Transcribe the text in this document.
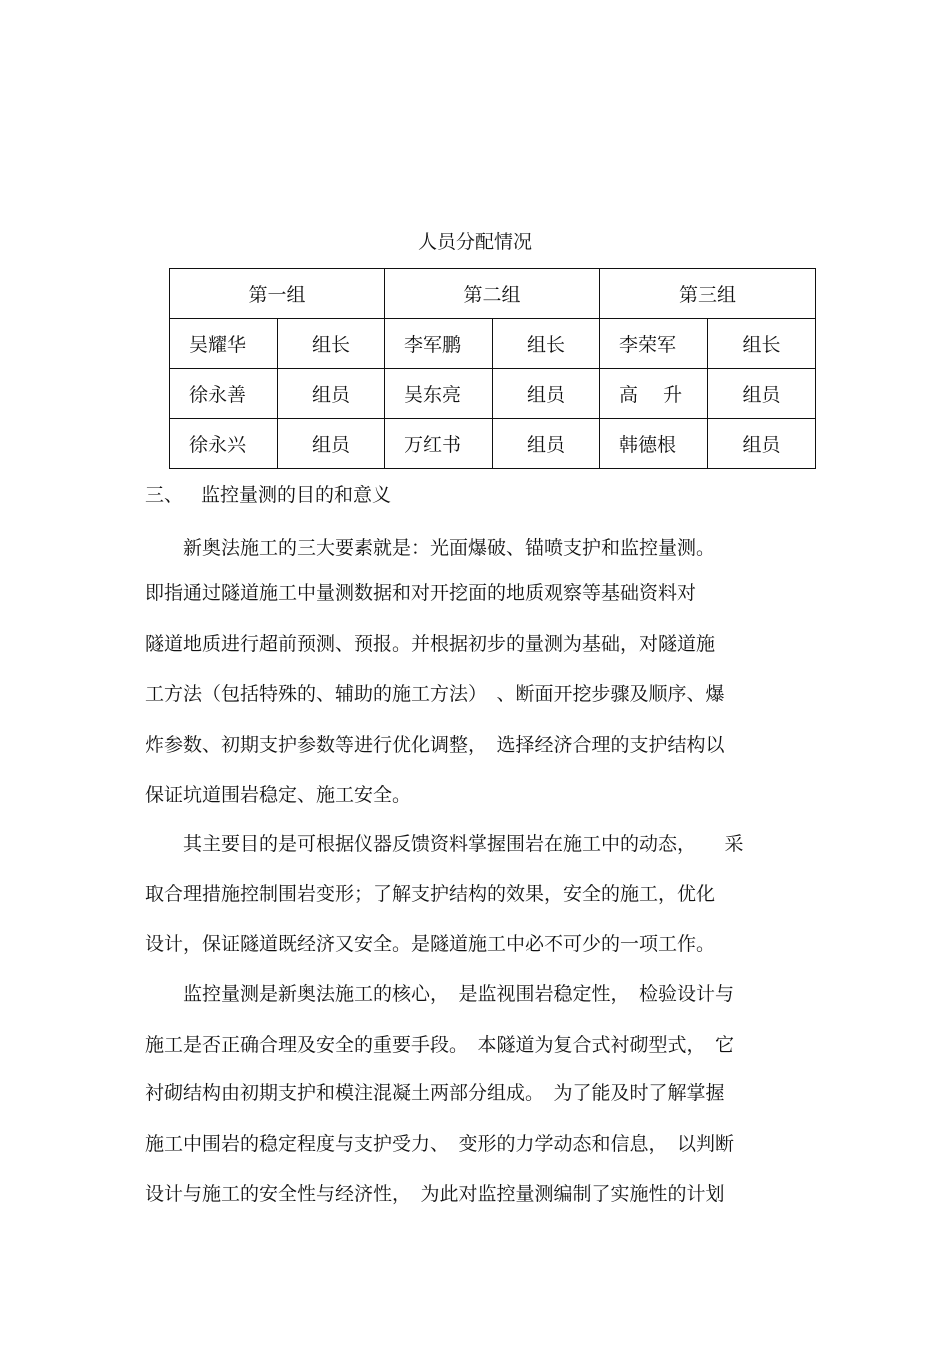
人员分配情况
第一组		第二组		第三组	
吴耀华	组长	李军鹏	组长	李荣军	组长
徐永善	组员	吴东亮	组员	高　 升	组员
徐永兴	组员	万红书	组员	韩德根	组员
三、 监控量测的目的和意义
　　新奥法施工的三大要素就是：光面爆破、锚喷支护和监控量测。
即指通过隧道施工中量测数据和对开挖面的地质观察等基础资料对
隧道地质进行超前预测、预报。并根据初步的量测为基础，对隧道施
工方法（包括特殊的、辅助的施工方法）　、断面开挖步骤及顺序、爆
炸参数、初期支护参数等进行优化调整，　选择经济合理的支护结构以
保证坑道围岩稳定、施工安全。
　　其主要目的是可根据仪器反馈资料掌握围岩在施工中的动态，　　采
取合理措施控制围岩变形；了解支护结构的效果，安全的施工，优化
设计，保证隧道既经济又安全。是隧道施工中必不可少的一项工作。
　　监控量测是新奥法施工的核心，　是监视围岩稳定性，　检验设计与
施工是否正确合理及安全的重要手段。　本隧道为复合式衬砌型式，　它
衬砌结构由初期支护和模注混凝土两部分组成。　为了能及时了解掌握
施工中围岩的稳定程度与支护受力、　变形的力学动态和信息，　以判断
设计与施工的安全性与经济性，　为此对监控量测编制了实施性的计划
